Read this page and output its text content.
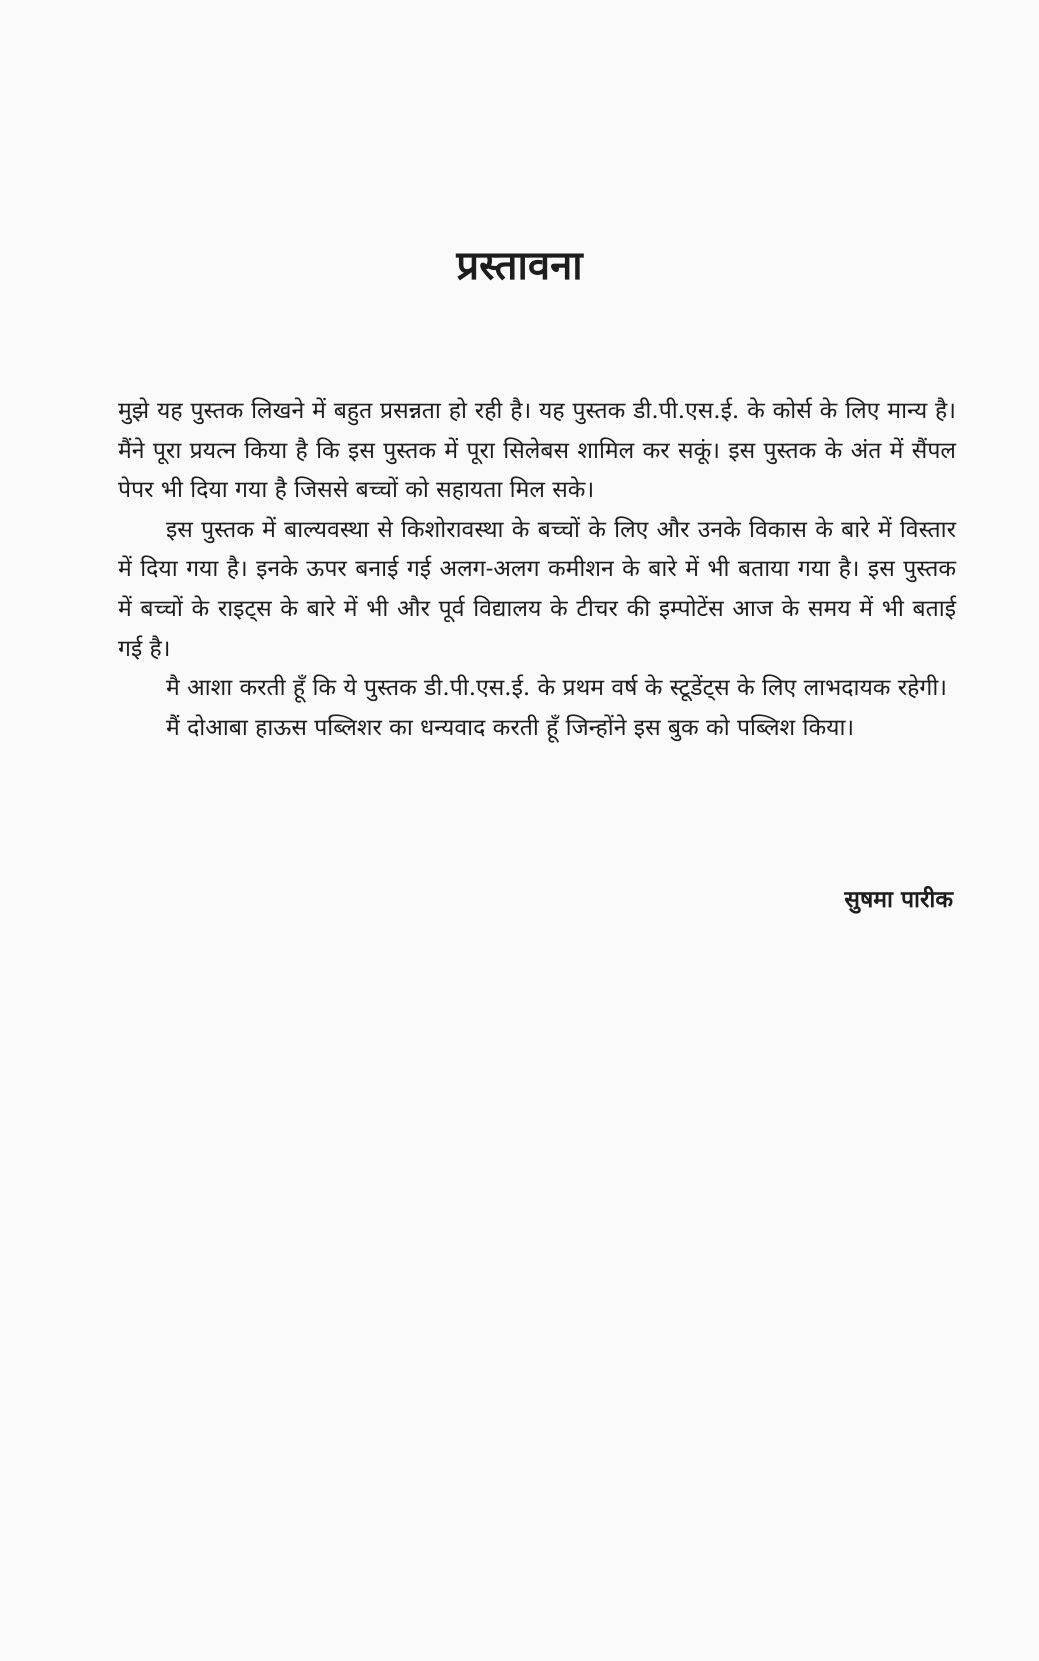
प्रस्तावना

मुझे यह पुस्तक लिखने में बहुत प्रसन्नता हो रही है। यह पुस्तक डी.पी.एस.ई. के कोर्स के लिए मान्य है। मैंने पूरा प्रयत्न किया है कि इस पुस्तक में पूरा सिलेबस शामिल कर सकूं। इस पुस्तक के अंत में सैंपल पेपर भी दिया गया है जिससे बच्चों को सहायता मिल सके।

इस पुस्तक में बाल्यवस्था से किशोरावस्था के बच्चों के लिए और उनके विकास के बारे में विस्तार में दिया गया है। इनके ऊपर बनाई गई अलग-अलग कमीशन के बारे में भी बताया गया है। इस पुस्तक में बच्चों के राइट्स के बारे में भी और पूर्व विद्यालय के टीचर की इम्पोटेंस आज के समय में भी बताई गई है।

मै आशा करती हूँ कि ये पुस्तक डी.पी.एस.ई. के प्रथम वर्ष के स्टूडेंट्स के लिए लाभदायक रहेगी।

मैं दोआबा हाऊस पब्लिशर का धन्यवाद करती हूँ जिन्होंने इस बुक को पब्लिश किया।

सुषमा पारीक
